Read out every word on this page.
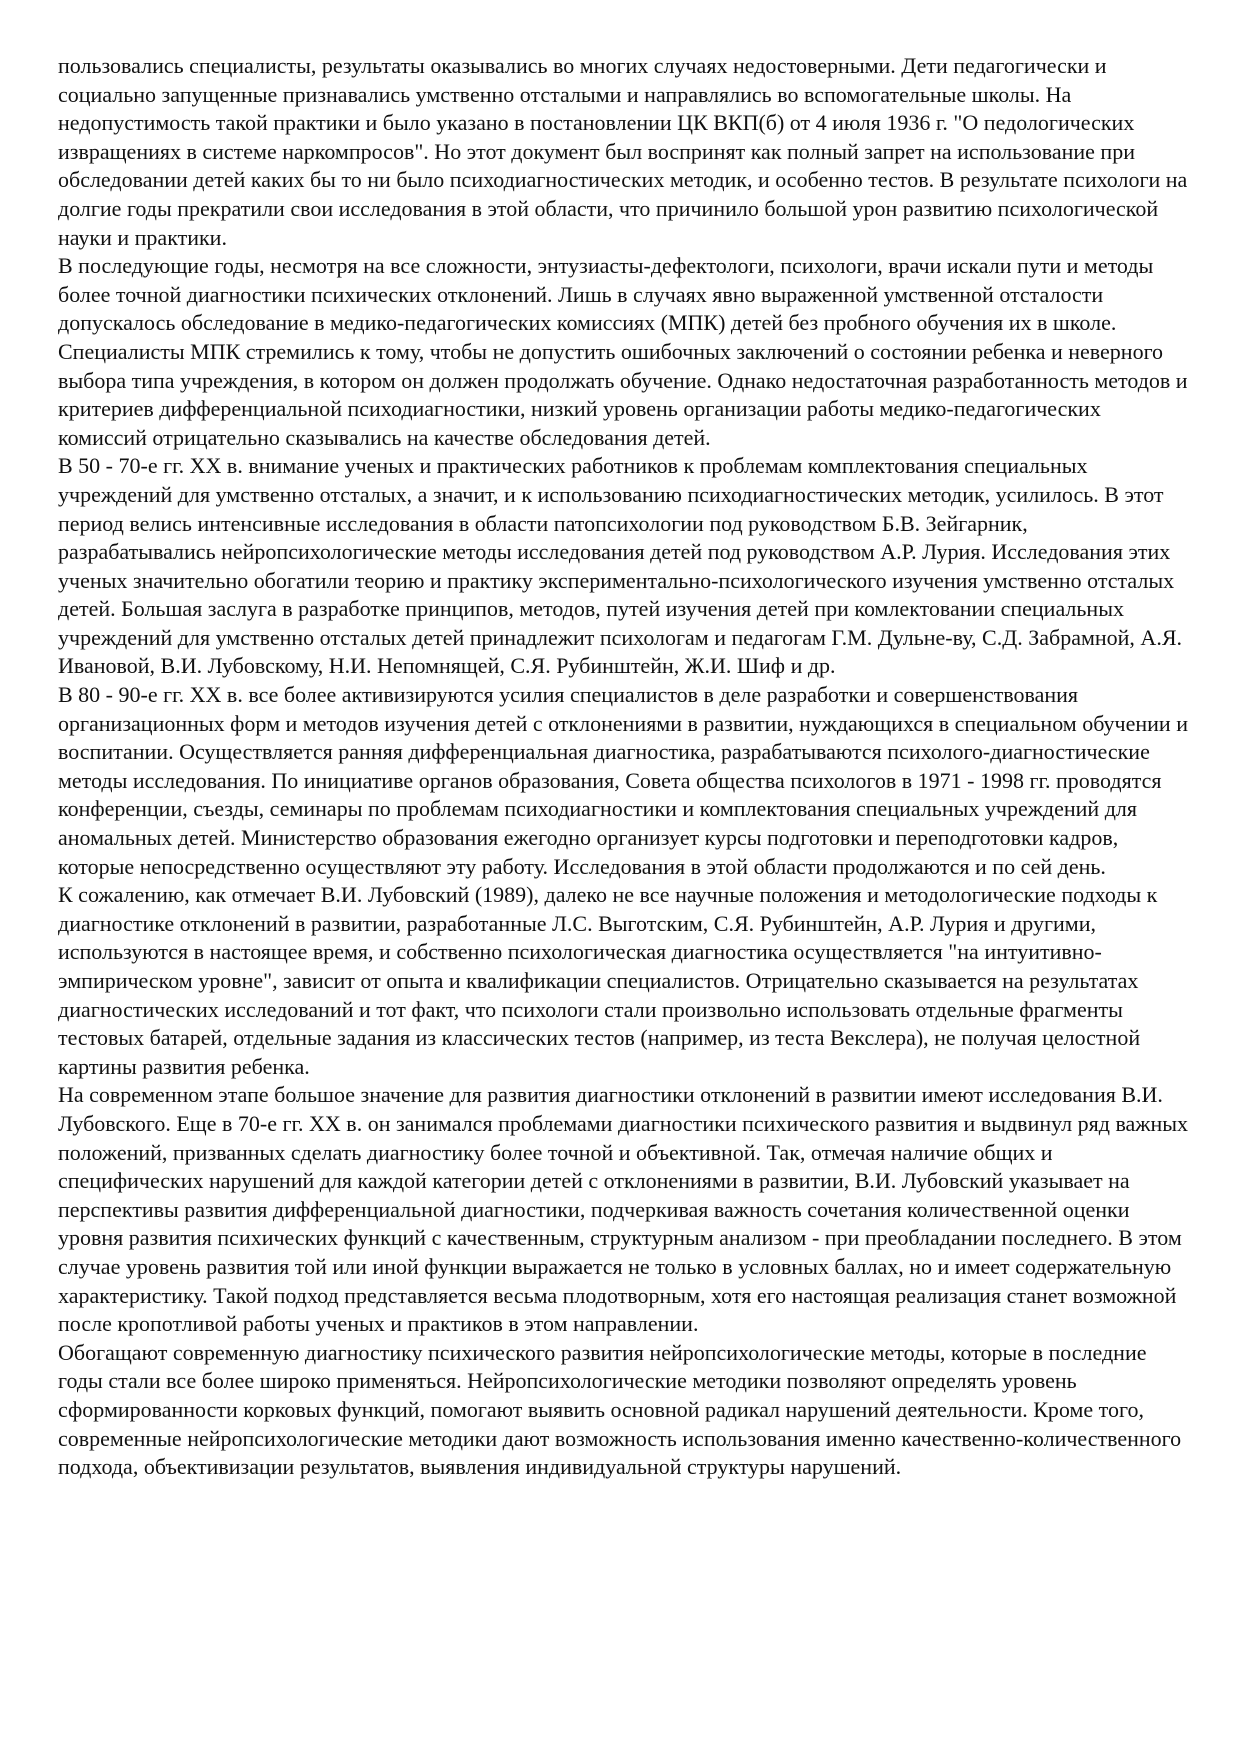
пользовались специалисты, результаты оказывались во многих случаях недостоверными. Дети педагогически и социально запущенные признавались умственно отсталыми и направлялись во вспомогательные школы. На недопустимость такой практики и было указано в постановлении ЦК ВКП(б) от 4 июля 1936 г. "О педологических извращениях в системе наркомпросов". Но этот документ был воспринят как полный запрет на использование при обследовании детей каких бы то ни было психодиагностических методик, и особенно тестов. В результате психологи на долгие годы прекратили свои исследования в этой области, что причинило большой урон развитию психологической науки и практики.

В последующие годы, несмотря на все сложности, энтузиасты-дефектологи, психологи, врачи искали пути и методы более точной диагностики психических отклонений. Лишь в случаях явно выраженной умственной отсталости допускалось обследование в медико-педагогических комиссиях (МПК) детей без пробного обучения их в школе. Специалисты МПК стремились к тому, чтобы не допустить ошибочных заключений о состоянии ребенка и неверного выбора типа учреждения, в котором он должен продолжать обучение. Однако недостаточная разработанность методов и критериев дифференциальной психодиагностики, низкий уровень организации работы медико-педагогических комиссий отрицательно сказывались на качестве обследования детей.

В 50 - 70-е гг. XX в. внимание ученых и практических работников к проблемам комплектования специальных учреждений для умственно отсталых, а значит, и к использованию психодиагностических методик, усилилось. В этот период велись интенсивные исследования в области патопсихологии под руководством Б.В. Зейгарник, разрабатывались нейропсихологические методы исследования детей под руководством А.Р. Лурия. Исследования этих ученых значительно обогатили теорию и практику экспериментально-психологического изучения умственно отсталых детей. Большая заслуга в разработке принципов, методов, путей изучения детей при комлектовании специальных учреждений для умственно отсталых детей принадлежит психологам и педагогам Г.М. Дульне-ву, С.Д. Забрамной, А.Я. Ивановой, В.И. Лубовскому, Н.И. Непомнящей, С.Я. Рубинштейн, Ж.И. Шиф и др.

В 80 - 90-е гг. XX в. все более активизируются усилия специалистов в деле разработки и совершенствования организационных форм и методов изучения детей с отклонениями в развитии, нуждающихся в специальном обучении и воспитании. Осуществляется ранняя дифференциальная диагностика, разрабатываются психолого-диагностические методы исследования. По инициативе органов образования, Совета общества психологов в 1971 - 1998 гг. проводятся конференции, съезды, семинары по проблемам психодиагностики и комплектования специальных учреждений для аномальных детей. Министерство образования ежегодно организует курсы подготовки и переподготовки кадров, которые непосредственно осуществляют эту работу. Исследования в этой области продолжаются и по сей день.

К сожалению, как отмечает В.И. Лубовский (1989), далеко не все научные положения и методологические подходы к диагностике отклонений в развитии, разработанные Л.С. Выготским, С.Я. Рубинштейн, А.Р. Лурия и другими, используются в настоящее время, и собственно психологическая диагностика осуществляется "на интуитивно-эмпирическом уровне", зависит от опыта и квалификации специалистов. Отрицательно сказывается на результатах диагностических исследований и тот факт, что психологи стали произвольно использовать отдельные фрагменты тестовых батарей, отдельные задания из классических тестов (например, из теста Векслера), не получая целостной картины развития ребенка.

На современном этапе большое значение для развития диагностики отклонений в развитии имеют исследования В.И. Лубовского. Еще в 70-е гг. XX в. он занимался проблемами диагностики психического развития и выдвинул ряд важных положений, призванных сделать диагностику более точной и объективной. Так, отмечая наличие общих и специфических нарушений для каждой категории детей с отклонениями в развитии, В.И. Лубовский указывает на перспективы развития дифференциальной диагностики, подчеркивая важность сочетания количественной оценки уровня развития психических функций с качественным, структурным анализом - при преобладании последнего. В этом случае уровень развития той или иной функции выражается не только в условных баллах, но и имеет содержательную характеристику. Такой подход представляется весьма плодотворным, хотя его настоящая реализация станет возможной после кропотливой работы ученых и практиков в этом направлении.

Обогащают современную диагностику психического развития нейропсихологические методы, которые в последние годы стали все более широко применяться. Нейропсихологические методики позволяют определять уровень сформированности корковых функций, помогают выявить основной радикал нарушений деятельности. Кроме того, современные нейропсихологические методики дают возможность использования именно качественно-количественного подхода, объективизации результатов, выявления индивидуальной структуры нарушений.
